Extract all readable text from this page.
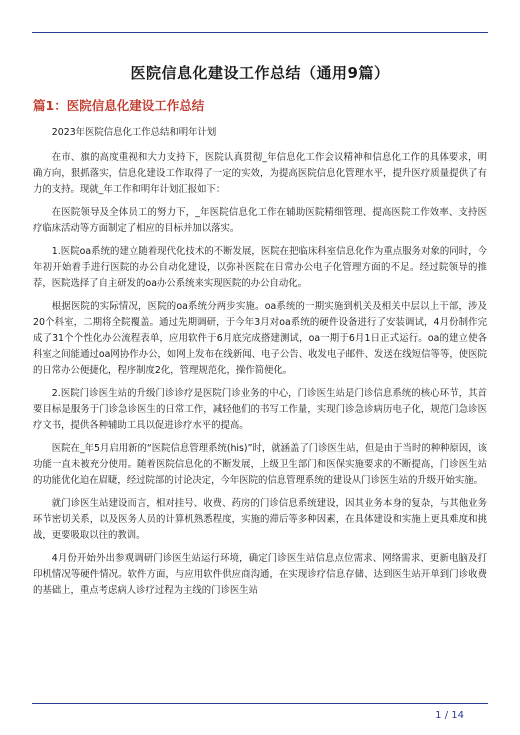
医院信息化建设工作总结（通用9篇）
篇1：医院信息化建设工作总结

2023年医院信息化工作总结和明年计划

在市、旗的高度重视和大力支持下，医院认真贯彻_年信息化工作会议精神和信息化工作的具体要求，明确方向，狠抓落实，信息化建设工作取得了一定的实效，为提高医院信息化管理水平，提升医疗质量提供了有力的支持。现就_年工作和明年计划汇报如下：

在医院领导及全体员工的努力下，_年医院信息化工作在辅助医院精细管理、提高医院工作效率、支持医疗临床活动等方面制定了相应的目标并加以落实。

1.医院oa系统的建立随着现代化技术的不断发展，医院在把临床科室信息化作为重点服务对象的同时，今年初开始着手进行医院的办公自动化建设，以弥补医院在日常办公电子化管理方面的不足。经过院领导的推荐，医院选择了自主研发的oa办公系统来实现医院的办公自动化。

根据医院的实际情况，医院的oa系统分两步实施。oa系统的一期实施到机关及相关中层以上干部，涉及20个科室，二期将全院覆盖。通过先期调研，于今年3月对oa系统的硬件设备进行了安装调试，4月份制作完成了31个个性化办公流程表单，应用软件于6月底完成搭建测试，oa一期于6月1日正式运行。oa的建立使各科室之间能通过oa网协作办公，如网上发布在线新闻、电子公告、收发电子邮件、发送在线短信等等，使医院的日常办公便捷化，程序制度2化，管理规范化，操作简便化。

2.医院门诊医生站的升级门诊诊疗是医院门诊业务的中心，门诊医生站是门诊信息系统的核心环节，其首要目标是服务于门诊急诊医生的日常工作，减轻他们的书写工作量，实现门诊急诊病历电子化，规范门急诊医疗文书，提供各种辅助工具以促进诊疗水平的提高。

医院在_年5月启用新的“医院信息管理系统(his)”时，就涵盖了门诊医生站，但是由于当时的种种原因，该功能一直未被充分使用。随着医院信息化的不断发展，上级卫生部门和医保实施要求的不断提高，门诊医生站的功能优化迫在眉睫，经过院部的讨论决定，今年医院的信息管理系统的建设从门诊医生站的升级开始实施。

就门诊医生站建设而言，相对挂号、收费、药房的门诊信息系统建设，因其业务本身的复杂，与其他业务环节密切关系，以及医务人员的计算机熟悉程度，实施的滞后等多种因素，在具体建设和实施上更具难度和挑战，更要吸取以往的教训。

4月份开始外出参观调研门诊医生站运行环境，确定门诊医生站信息点位需求、网络需求、更新电脑及打印机情况等硬件情况。软件方面，与应用软件供应商沟通，在实现诊疗信息存储、达到医生站开单到门诊收费的基础上，重点考虑病人诊疗过程为主线的门诊医生站

1 / 14
